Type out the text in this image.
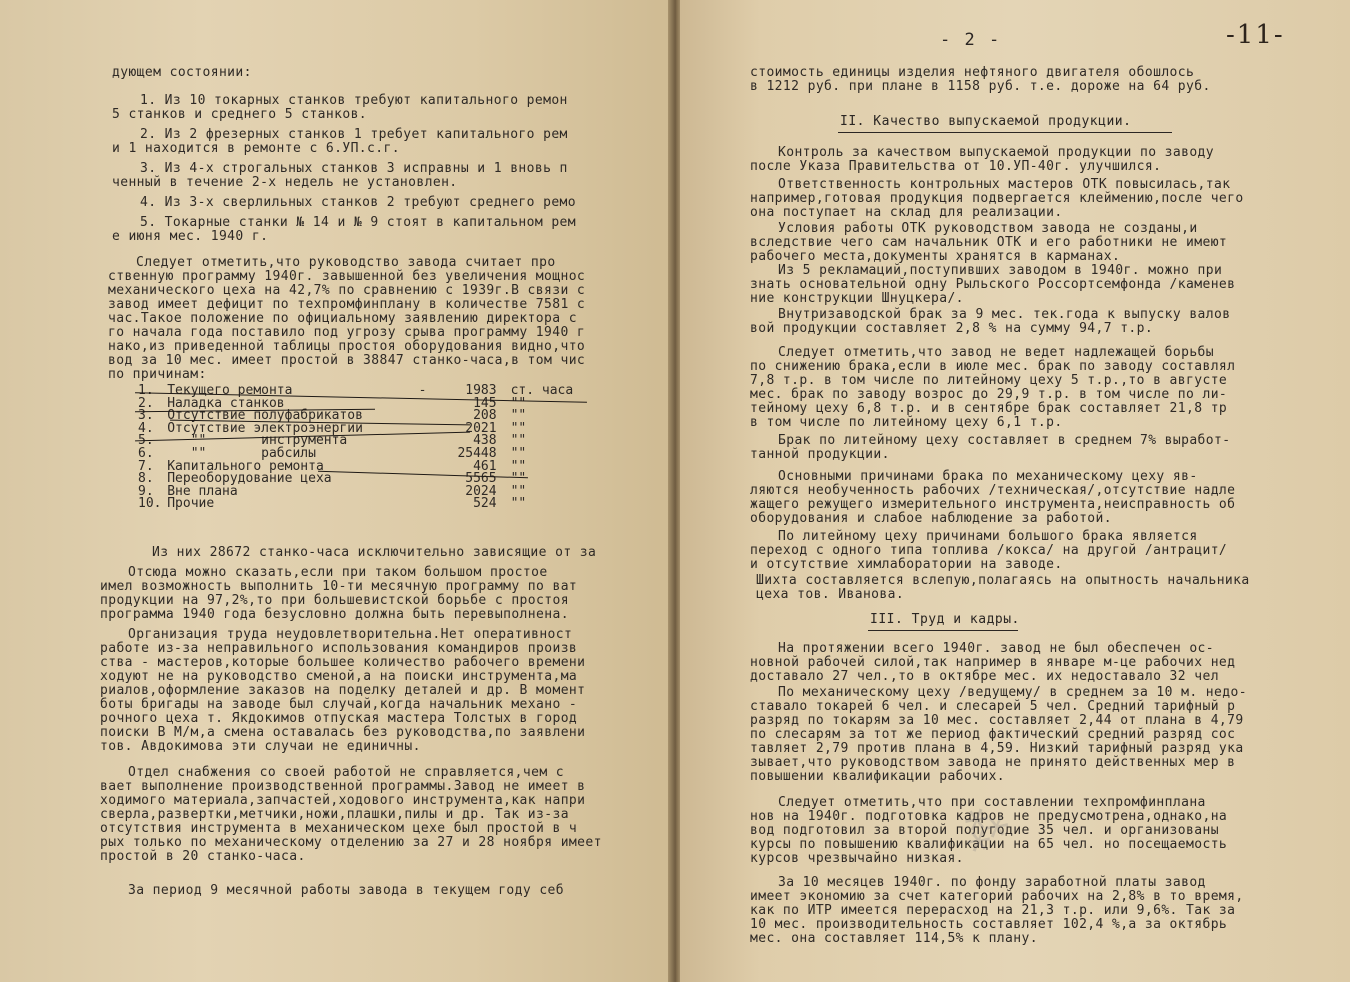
дующем состоянии:
1. Из 10 токарных станков требуют капитального ремон
5 станков и среднего 5 станков.
2. Из 2 фрезерных станков 1 требует капитального рем
и 1 находится в ремонте с 6.УП.с.г.
3. Из 4-х строгальных станков 3 исправны и 1 вновь п
ченный в течение 2-х недель не установлен.
4. Из 3-х сверлильных станков 2 требуют среднего ремо
5. Токарные станки № 14 и № 9 стоят в капитальном рем
е июня мес. 1940 г.
Следует отметить,что руководство завода считает про
ственную программу 1940г. завышенной без увеличения мощнос
механического цеха на 42,7% по сравнению с 1939г.В связи с
завод имеет дефицит по техпромфинплану в количестве 7581 с
час.Такое положение по официальному заявлению директора с
го начала года поставило под угрозу срыва программу 1940 г
нако,из приведенной таблицы простоя оборудования видно,что
вод за 10 мес. имеет простой в 38847 станко-часа,в том чис
по причинам:
1.	Текущего ремонта	-	1983	ст. часа
2.	Наладка станков	145	""
3.	Отсутствие полуфабрикатов	208	""
4.	Отсутствие электроэнергии	2021	""
5.	""       инструмента	438	""
6.	""       рабсилы	25448	""
7.	Капитального ремонта	461	""
8.	Переоборудование цеха	5565	""
9.	Вне плана	2024	""
10. Прочие	524	""
Из них 28672 станко-часа исключительно зависящие от за
Отсюда можно сказать,если при таком большом простое
имел возможность выполнить 10-ти месячную программу по ват
продукции на 97,2%,то при большевистской борьбе с простоя
программа 1940 года безусловно должна быть перевыполнена.
Организация труда неудовлетворительна.Нет оперативност
работе из-за неправильного использования командиров произв
ства - мастеров,которые большее количество рабочего времени
ходуют не на руководство сменой,а на поиски инструмента,ма
риалов,оформление заказов на поделку деталей и др. В момент
боты бригады на заводе был случай,когда начальник механо -
рочного цеха т. Якдокимов отпуская мастера Толстых в город
поиски В М/м,а смена оставалась без руководства,по заявлени
тов. Авдокимова эти случаи не единичны.
Отдел снабжения со своей работой не справляется,чем с
вает выполнение производственной программы.Завод не имеет в
ходимого материала,запчастей,ходового инструмента,как напри
сверла,развертки,метчики,ножи,плашки,пилы и др. Так из-за
отсутствия инструмента в механическом цехе был простой в ч
рых только по механическому отделению за 27 и 28 ноября имеет
простой в 20 станко-часа.
За период 9 месячной работы завода в текущем году себ
стоимость единицы изделия нефтяного двигателя обошлось
в 1212 руб. при плане в 1158 руб. т.е. дороже на 64 руб.
II. Качество выпускаемой продукции.
Контроль за качеством выпускаемой продукции по заводу
после Указа Правительства от 10.УП-40г. улучшился.
Ответственность контрольных мастеров ОТК повысилась,так
например,готовая продукция подвергается клеймению,после чего
она поступает на склад для реализации.
Условия работы ОТК руководством завода не созданы,и
вследствие чего сам начальник ОТК и его работники не имеют
рабочего места,документы хранятся в карманах.
Из 5 рекламаций,поступивших заводом в 1940г. можно при
знать основательной одну Рыльского Россортсемфонда /каменев
ние конструкции Шнуцкера/.
Внутризаводской брак за 9 мес. тек.года к выпуску валов
вой продукции составляет 2,8 % на сумму 94,7 т.р.
Следует отметить,что завод не ведет надлежащей борьбы
по снижению брака,если в июле мес. брак по заводу составлял
7,8 т.р. в том числе по литейному цеху 5 т.р.,то в августе
мес. брак по заводу возрос до 29,9 т.р. в том числе по ли-
тейному цеху 6,8 т.р. и в сентябре брак составляет 21,8 тр
в том числе по литейному цеху 6,1 т.р.
Брак по литейному цеху составляет в среднем 7% выработ-
танной продукции.
Основными причинами брака по механическому цеху яв-
ляются необученность рабочих /техническая/,отсутствие надле
жащего режущего измерительного инструмента,неисправность об
оборудования и слабое наблюдение за работой.
По литейному цеху причинами большого брака является
переход с одного типа топлива /кокса/ на другой /антрацит/
и отсутствие химлаборатории на заводе.
Шихта составляется вслепую,полагаясь на опытность начальника
цеха тов. Иванова.
III. Труд и кадры.
На протяжении всего 1940г. завод не был обеспечен ос-
новной рабочей силой,так например в январе м-це рабочих нед
доставало 27 чел.,то в октябре мес. их недоставало 32 чел
По механическому цеху /ведущему/ в среднем за 10 м. недо-
ставало токарей 6 чел. и слесарей 5 чел. Средний тарифный р
разряд по токарям за 10 мес. составляет 2,44 от плана в 4,79
по слесарям за тот же период фактический средний разряд сос
тавляет 2,79 против плана в 4,59. Низкий тарифный разряд ука
зывает,что руководством завода не принято действенных мер в
повышении квалификации рабочих.
Следует отметить,что при составлении техпромфинплана
нов на 1940г. подготовка кадров не предусмотрена,однако,на
вод подготовил за второй полугодие 35 чел. и организованы
курсы по повышению квалификации на 65 чел. но посещаемость
курсов чрезвычайно низкая.
За 10 месяцев 1940г. по фонду заработной платы завод
имеет экономию за счет категорий рабочих на 2,8% в то время,
как по ИТР имеется перерасход на 21,3 т.р. или 9,6%. Так за
10 мес. производительность составляет 102,4 %,а за октябрь
мес. она составляет 114,5% к плану.
- 2 -	-11-
⁂
